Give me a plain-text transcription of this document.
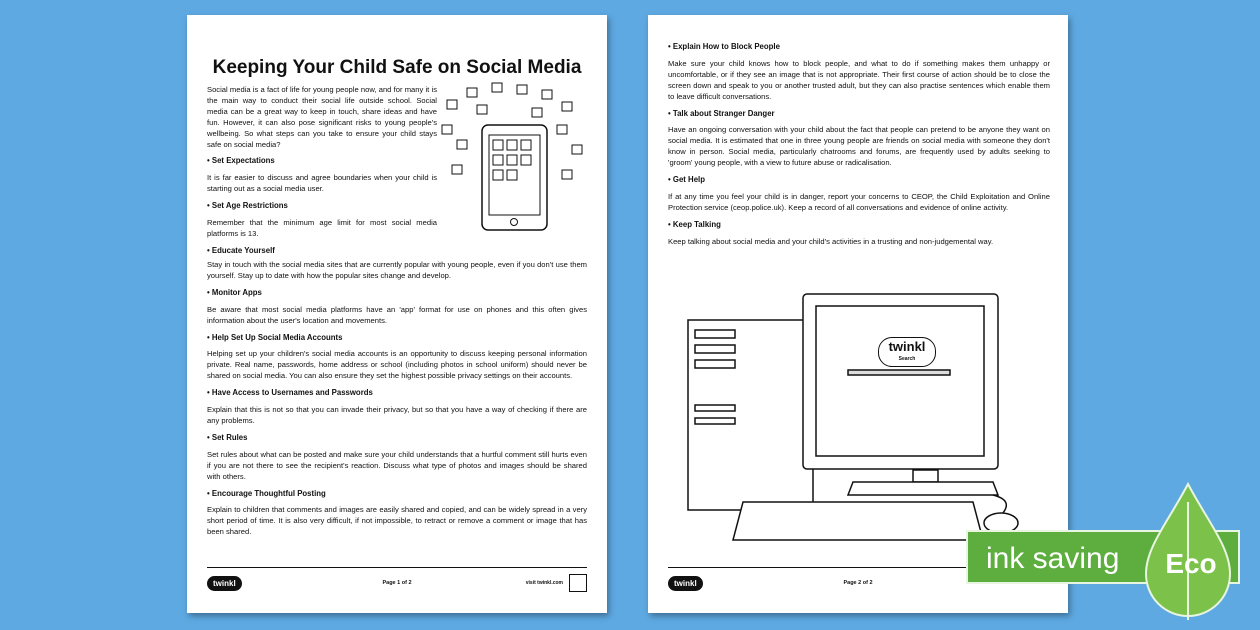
Keeping Your Child Safe on Social Media

Social media is a fact of life for young people now, and for many it is the main way to conduct their social life outside school. Social media can be a great way to keep in touch, share ideas and have fun. However, it can also pose significant risks to young people's wellbeing. So what steps can you take to ensure your child stays safe on social media?

• Set Expectations

It is far easier to discuss and agree boundaries when your child is starting out as a social media user.

• Set Age Restrictions

Remember that the minimum age limit for most social media platforms is 13.

• Educate Yourself

Stay in touch with the social media sites that are currently popular with young people, even if you don't use them yourself. Stay up to date with how the popular sites change and develop.

• Monitor Apps

Be aware that most social media platforms have an 'app' format for use on phones and this often gives information about the user's location and movements.

• Help Set Up Social Media Accounts

Helping set up your children's social media accounts is an opportunity to discuss keeping personal information private. Real name, passwords, home address or school (including photos in school uniform) should never be shared on social media. You can also ensure they set the highest possible privacy settings on their accounts.

• Have Access to Usernames and Passwords

Explain that this is not so that you can invade their privacy, but so that you have a way of checking if there are any problems.

• Set Rules

Set rules about what can be posted and make sure your child understands that a hurtful comment still hurts even if you are not there to see the recipient's reaction. Discuss what type of photos and images should be shared with others.

• Encourage Thoughtful Posting

Explain to children that comments and images are easily shared and copied, and can be widely spread in a very short period of time. It is also very difficult, if not impossible, to retract or remove a comment or image that has been shared.

twinkl	Page 1 of 2	visit twinkl.com
• Explain How to Block People

Make sure your child knows how to block people, and what to do if something makes them unhappy or uncomfortable, or if they see an image that is not appropriate. Their first course of action should be to close the screen down and speak to you or another trusted adult, but they can also practise sentences which enable them to leave difficult conversations.

• Talk about Stranger Danger

Have an ongoing conversation with your child about the fact that people can pretend to be anyone they want on social media. It is estimated that one in three young people are friends on social media with someone they don't know in person. Social media, particularly chatrooms and forums, are frequently used by adults seeking to 'groom' young people, with a view to future abuse or radicalisation.

• Get Help

If at any time you feel your child is in danger, report your concerns to CEOP, the Child Exploitation and Online Protection service (ceop.police.uk). Keep a record of all conversations and evidence of online activity.

• Keep Talking

Keep talking about social media and your child's activities in a trusting and non-judgemental way.

twinkl
Search
twinkl	Page 2 of 2
ink saving	Eco
